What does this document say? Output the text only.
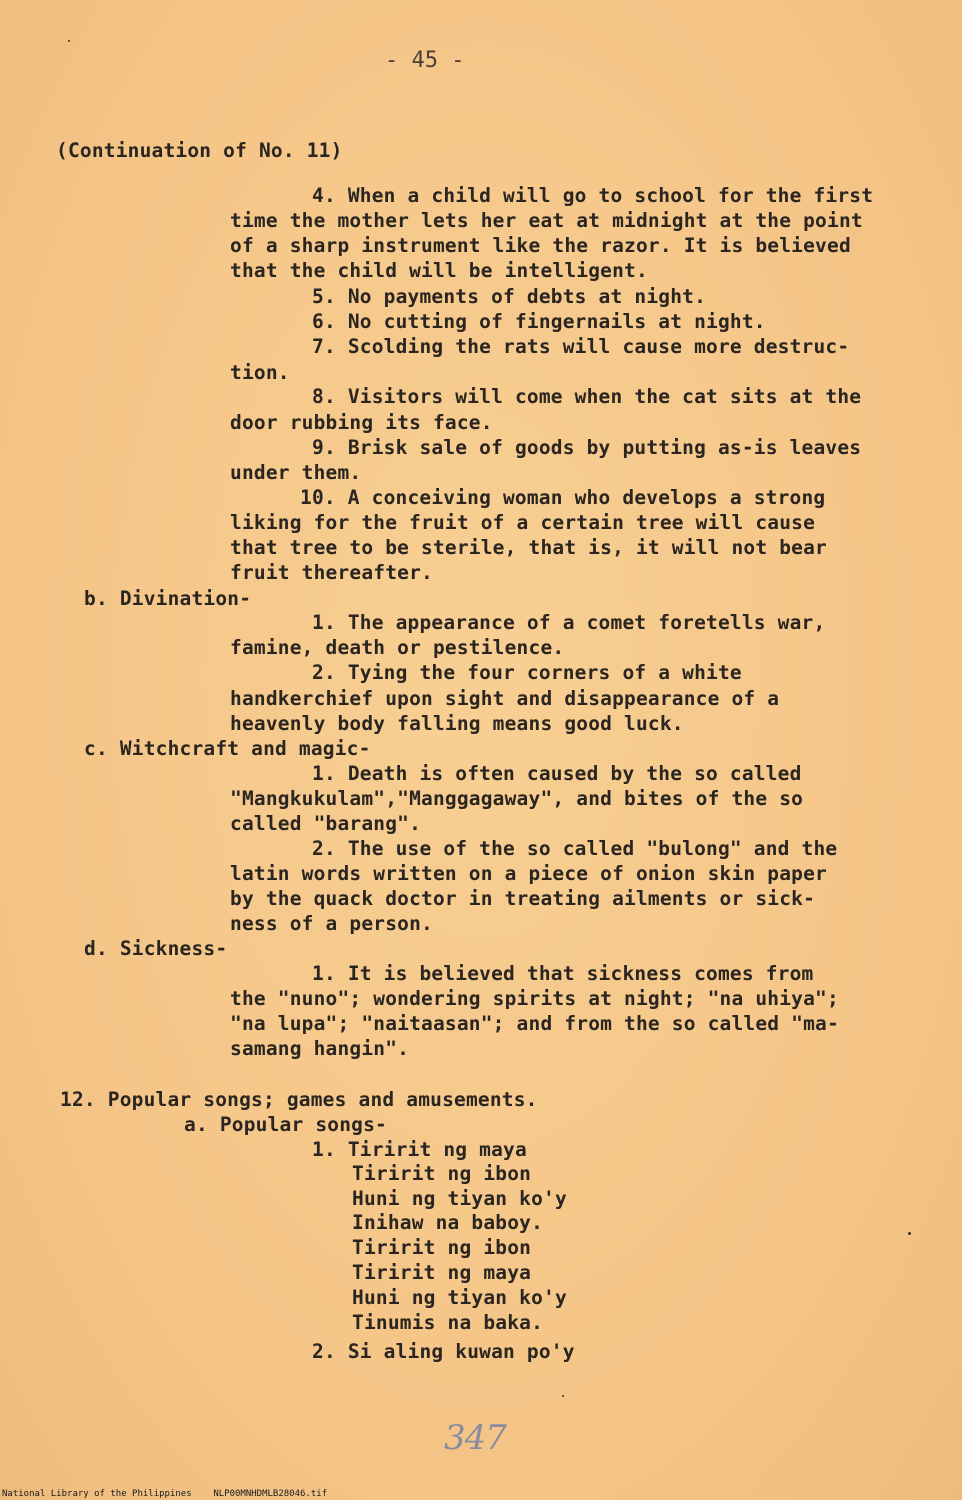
- 45 -
(Continuation of No. 11)
4. When a child will go to school for the first
time the mother lets her eat at midnight at the point
of a sharp instrument like the razor. It is believed
that the child will be intelligent.
5. No payments of debts at night.
6. No cutting of fingernails at night.
7. Scolding the rats will cause more destruc-
tion.
8. Visitors will come when the cat sits at the
door rubbing its face.
9. Brisk sale of goods by putting as-is leaves
under them.
10. A conceiving woman who develops a strong
liking for the fruit of a certain tree will cause
that tree to be sterile, that is, it will not bear
fruit thereafter.
b. Divination-
1. The appearance of a comet foretells war,
famine, death or pestilence.
2. Tying the four corners of a white
handkerchief upon sight and disappearance of a
heavenly body falling means good luck.
c. Witchcraft and magic-
1. Death is often caused by the so called
"Mangkukulam","Manggagaway", and bites of the so
called "barang".
2. The use of the so called "bulong" and the
latin words written on a piece of onion skin paper
by the quack doctor in treating ailments or sick-
ness of a person.
d. Sickness-
1. It is believed that sickness comes from
the "nuno"; wondering spirits at night; "na uhiya";
"na lupa"; "naitaasan"; and from the so called "ma-
samang hangin".
12. Popular songs; games and amusements.
a. Popular songs-
1. Tiririt ng maya
Tiririt ng ibon
Huni ng tiyan ko'y
Inihaw na baboy.
Tiririt ng ibon
Tiririt ng maya
Huni ng tiyan ko'y
Tinumis na baka.
2. Si aling kuwan po'y
347
National Library of the Philippines    NLP00MNHDMLB28046.tif
